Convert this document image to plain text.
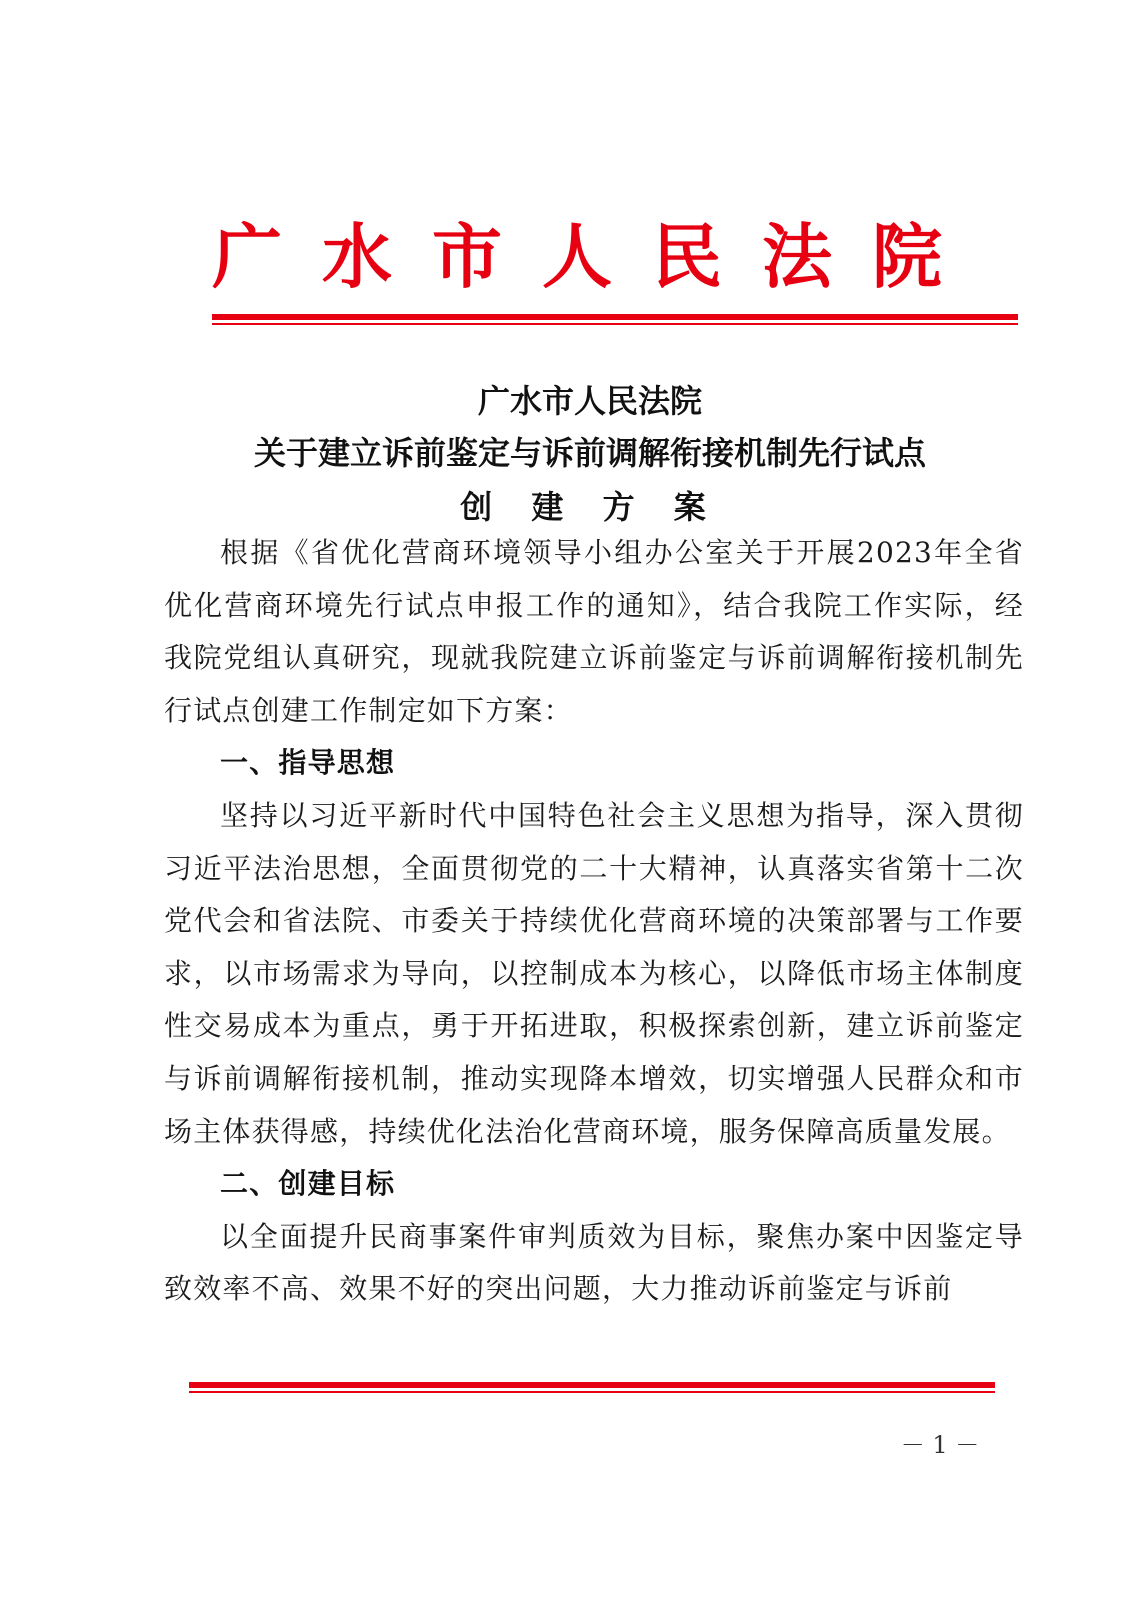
广水市人民法院
广水市人民法院
关于建立诉前鉴定与诉前调解衔接机制先行试点
创 建 方 案

根据《省优化营商环境领导小组办公室关于开展2023年全省优化营商环境先行试点申报工作的通知》，结合我院工作实际，经我院党组认真研究，现就我院建立诉前鉴定与诉前调解衔接机制先行试点创建工作制定如下方案：

一、指导思想

坚持以习近平新时代中国特色社会主义思想为指导，深入贯彻习近平法治思想，全面贯彻党的二十大精神，认真落实省第十二次党代会和省法院、市委关于持续优化营商环境的决策部署与工作要求，以市场需求为导向，以控制成本为核心，以降低市场主体制度性交易成本为重点，勇于开拓进取，积极探索创新，建立诉前鉴定与诉前调解衔接机制，推动实现降本增效，切实增强人民群众和市场主体获得感，持续优化法治化营商环境，服务保障高质量发展。

二、创建目标

以全面提升民商事案件审判质效为目标，聚焦办案中因鉴定导致效率不高、效果不好的突出问题，大力推动诉前鉴定与诉前

－ 1 －
